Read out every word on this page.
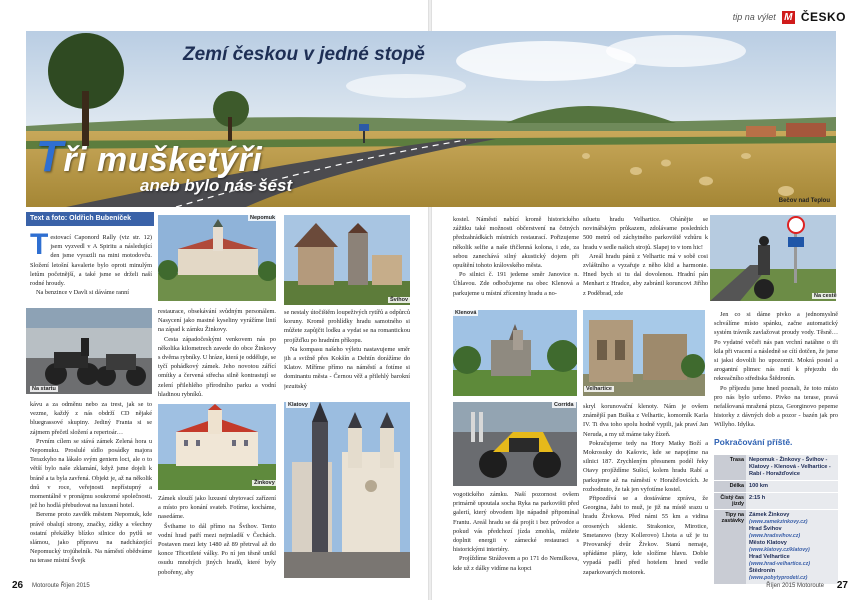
tip na výlet M ČESKO
Zemí českou v jedné stopě
Tři mušketýři
aneb bylo nás šest
Bečov nad Teplou
Text a foto: Oldřich Bubeníček
T estovací Caponord Rally (viz str. 12) jsem vyzvedl v A Spiritu a následující den jsme vyrazili na mini motodovču. Složení letošní kavalerie bylo oproti minulým letům početnější, a také jsme se drželi naší rodné hroudy.

Na benzince v Davli si dáváme ranní

Na startu

kávu a za odměnu nebo za trest, jak se to vezme, každý z nás obdrží CD nějaké bluegrassové skupiny. Jediný Franta si se zájmem přečetl složení a repertoár…

Prvním cílem se stává zámek Zelená hora u Nepomuku. Proslulé sídlo posádky majora Terazkyho na lákalo svým geniem loci, ale o to větší bylo naše zklamání, když jsme dojeli k bráně a ta byla zavřená. Objekt je, až na několik dnů v roce, veřejnosti nepřístupný a momentálně v pronájmu soukromé společnosti, jež ho hodlá přebudovat na luxusní hotel.

Bereme proto zavděk městem Nepomuk, kde právě obalují strony, značky, zídky a všechny ostatní překážky blízko silnice do pytlů se slámou, jako přípravu na nadcházející Nepomucký trojúhelník. Na náměstí obědváme na terase místní Švejk

Nepomuk

restaurace, obsekávání svůdným personálem. Nasycení jako mastné kyseliny vyrážíme linií na západ k zámku Žinkovy.

Cesta západočeskými venkovem nás po několika kilometrech zavede do obce Žinkovy s dvěma rybníky. U hráze, která je odděluje, se tyčí pohádkový zámek. Jeho novotou zářící omítky a červená střecha silně kontrastují se zelení přilehlého přírodního parku a vodní hladinou rybníků.

Žinkovy

Zámek slouží jako luxusní ubytovací zařízení a místo pro konání svateb. Fotíme, kocháme, nasedáme.

Švihame to dál přímo na Švihov. Tento vodní hrad patří mezi nejmladší v Čechách. Postaven mezi lety 1480 až 89 přetrval až do konce Třicetileté války. Po ní jen těsně unikl osudu mnohých jiných hradů, které byly pobořeny, aby

Švihov

se nestaly útočištěm loupeživých rytířů a odpůrců koruny. Kromě prohlídky hradu samotného si můžete zapůjčit lodku a vydat se na romantickou projížďku po hradním příkopu.

Na kompasu našeho výletu nastavujeme směr jih a svižně přes Kokšín a Dehtín dorážíme do Klatov. Míříme přímo na náměstí a fotíme si dominantu města - Černou věž a přilehlý barokní jezuitský

Klatovy

kostel. Náměstí nabízí kromě historického zážitku také možnosti občerstvení na četných předzahrádkách místních restaurací. Pořizujeme několik selfie a naše třičlenná kolona, i zde, za sebou zanechává silný akustický dojem při opuštění tohoto královského města.

Po silnici č. 191 jedeme směr Janovice n. Úhlavou. Zde odbočujeme na obec Klenová a parkujeme u místní zříceniny hradu a no-

Klenová
Corrida

vogotického zámku. Naší pozornost ovšem primárně upoutala socha Ryka na parkovišti před galerií, který obvodem lije nápadně připomínal Frantu. Areál hradu se dá projít i bez průvodce a pokud vás předchozí jízda zmohla, můžete doplnit energii v zámecké restauraci s historickými interiéry.

Projíždíme Strážovem a po 171 do Nemilkova, kde už z dálky vidíme na kopci

siluetu hradu Velhartice. Ohánějte se novinářským průkazem, zdolávame posledních 500 metrů od záchytného parkoviště vzhůru k hradu v sedle našich strojů. Slapej to v tom hic!

Areál hradu pánů z Velhartic má v sobě cosi zvláštního a vyzařuje z něho klid a harmonie. Hned bych si tu dal dovolenou. Hradní pán Menhart z Hradce, aby zabránil koruncovi Jiřího z Poděbrad, zde

Velhartice

skryl korunovační klenoty. Nám je ovšem známější pan Buška z Velhartic, komorník Karla IV. Ti dva toho spolu hodně vypili, jak praví Jan Neruda, a my už máme taky žízeň.

Pokračujeme tedy na Hory Matky Boží a Mokrosuky do Kašovic, kde se napojíme na silnici 187. Zrychleným přesunem podél řeky Otavy projíždíme Sušicí, kolem hradu Rabí a parkujeme až na náměstí v Horažďovicích. Je rozhodnuto, že tak jen vyfotíme kostel.

Připozdívá se a dostáváme zprávu, že Georgina, žabi to muž, je již na místě srazu u hradu Živkova. Před námi 55 km a vidina orosených sklenic. Strakonice, Mirotice, Smetanovo (brzy Kollerovo) Lhota a už je tu Pivovarský dvůr Živkov. Stanú nemaje, spřádáme plány, kde složíme hlavu. Doble vypadá padlí před hotelem hned vedle zaparkovaných motorek.

Na cestě

Jen co si dáme pivko a jednomyslně schválíme místo spánku, začne automatický systém trávník zavlažovat proudy vody. Těsně… Po vydatné večeři nás pan vrchní natáhne o tři kila při vracení a následně se cítí dotčen, že jsme si jaksi dovolili ho upozornit. Mokrá postel a arogantní plimec nás nutí k přejezdu do rekreačního střediska Štědronín.

Po příjezdu jsme hned poznali, že toto místo pro nás bylo určeno. Pivko na terase, pravá nefalšovaná mražená pizza, Georginovo pepeme historky z dávných dob a pozor - bazén jak pro Willyho. Idylka.

Pokračování příště.
Trasa Nepomuk - Žinkovy - Švihov - Klatovy - Klenová - Velhartice - Rabí - Horažďovice
Délka 100 km
Čistý čas jízdy
2:15 h
Tipy na zastávky
Zámek Žinkovy
(www.zamekzinkovy.cz)
Hrad Švihov
(www.hradsvihov.cz)
Město Klatovy
(www.klatovy.cz/klatovy)
Hrad Velhartice
(www.hrad-velhartice.cz)
Štědronín
(www.pobytyprodeti.cz)
26 Motoroute Říjen 2015	Říjen 2015 Motoroute 27
